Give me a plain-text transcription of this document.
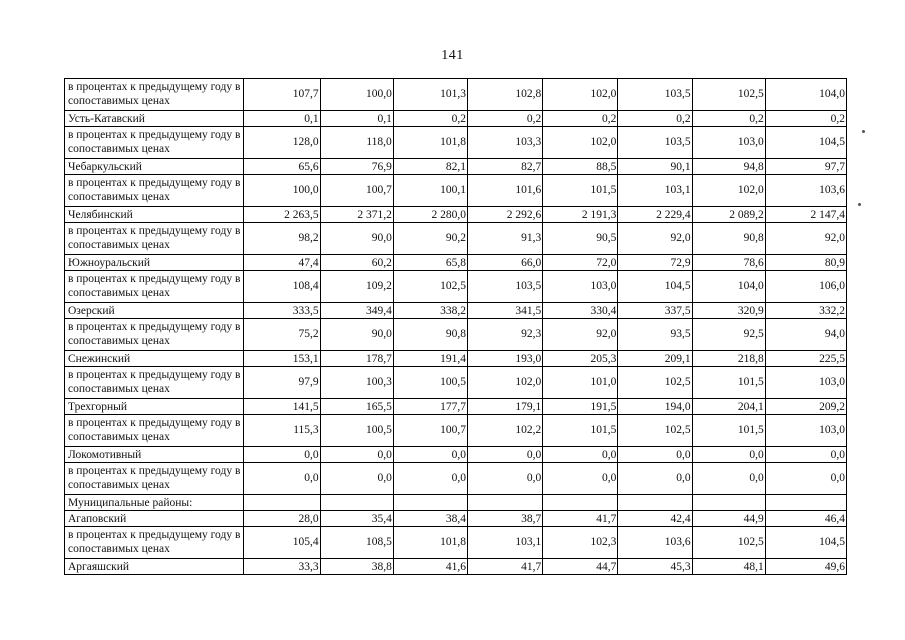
141
в процентах к предыдущему году в сопоставимых ценах	107,7	100,0	101,3	102,8	102,0	103,5	102,5	104,0
Усть-Катавский	0,1	0,1	0,2	0,2	0,2	0,2	0,2	0,2
в процентах к предыдущему году в сопоставимых ценах	128,0	118,0	101,8	103,3	102,0	103,5	103,0	104,5
Чебаркульский	65,6	76,9	82,1	82,7	88,5	90,1	94,8	97,7
в процентах к предыдущему году в сопоставимых ценах	100,0	100,7	100,1	101,6	101,5	103,1	102,0	103,6
Челябинский	2 263,5	2 371,2	2 280,0	2 292,6	2 191,3	2 229,4	2 089,2	2 147,4
в процентах к предыдущему году в сопоставимых ценах	98,2	90,0	90,2	91,3	90,5	92,0	90,8	92,0
Южноуральский	47,4	60,2	65,8	66,0	72,0	72,9	78,6	80,9
в процентах к предыдущему году в сопоставимых ценах	108,4	109,2	102,5	103,5	103,0	104,5	104,0	106,0
Озерский	333,5	349,4	338,2	341,5	330,4	337,5	320,9	332,2
в процентах к предыдущему году в сопоставимых ценах	75,2	90,0	90,8	92,3	92,0	93,5	92,5	94,0
Снежинский	153,1	178,7	191,4	193,0	205,3	209,1	218,8	225,5
в процентах к предыдущему году в сопоставимых ценах	97,9	100,3	100,5	102,0	101,0	102,5	101,5	103,0
Трехгорный	141,5	165,5	177,7	179,1	191,5	194,0	204,1	209,2
в процентах к предыдущему году в сопоставимых ценах	115,3	100,5	100,7	102,2	101,5	102,5	101,5	103,0
Локомотивный	0,0	0,0	0,0	0,0	0,0	0,0	0,0	0,0
в процентах к предыдущему году в сопоставимых ценах	0,0	0,0	0,0	0,0	0,0	0,0	0,0	0,0
Муниципальные районы:								
Агаповский	28,0	35,4	38,4	38,7	41,7	42,4	44,9	46,4
в процентах к предыдущему году в сопоставимых ценах	105,4	108,5	101,8	103,1	102,3	103,6	102,5	104,5
Аргаяшский	33,3	38,8	41,6	41,7	44,7	45,3	48,1	49,6
